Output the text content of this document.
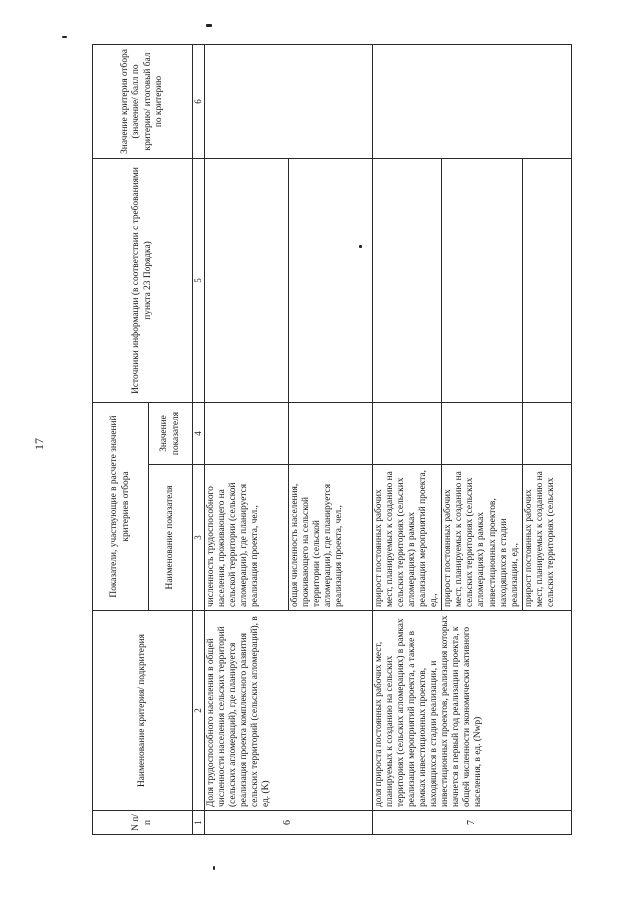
17
N п/п	Наименование критерия/ подкритерия	Показатели, участвующие в расчете значений критериев отбора		Источники информации (в соответствии с требованиями пункта 23 Порядка)	Значение критерия отбора (значение/ балл по критерию/ итоговый бал по критерию
		Наименование показателя	Значение показателя		
1	2	3	4	5	6
6	Доля трудоспособного населения в общей численности населения сельских территорий (сельских агломераций), где планируется реализация проекта комплексного развития сельских территорий (сельских агломераций), в ед. (K)	численность трудоспособного населения, проживающего на сельской территории (сельской агломерации), где планируется реализация проекта, чел.,			
		общая численность населения, проживающего на сельской территории (сельской агломерации), где планируется реализация проекта, чел.,			
7	доля прироста постоянных рабочих мест, планируемых к созданию на сельских территориях (сельских агломерациях) в рамках реализации мероприятий проекта, а также в рамках инвестиционных проектов, находящихся в стадии реализации, и инвестиционных проектов, реализация которых начнется в первый год реализации проекта, к общей численности экономически активного населения, в ед. (Nwp)	прирост постоянных рабочих мест, планируемых к созданию на сельских территориях (сельских агломерациях) в рамках реализации мероприятий проекта, ед.,			
		прирост постоянных рабочих мест, планируемых к созданию на сельских территориях (сельских агломерациях) в рамках инвестиционных проектов, находящихся в стадии реализации, ед.,			
		прирост постоянных рабочих мест, планируемых к созданию на сельских территориях (сельских			
